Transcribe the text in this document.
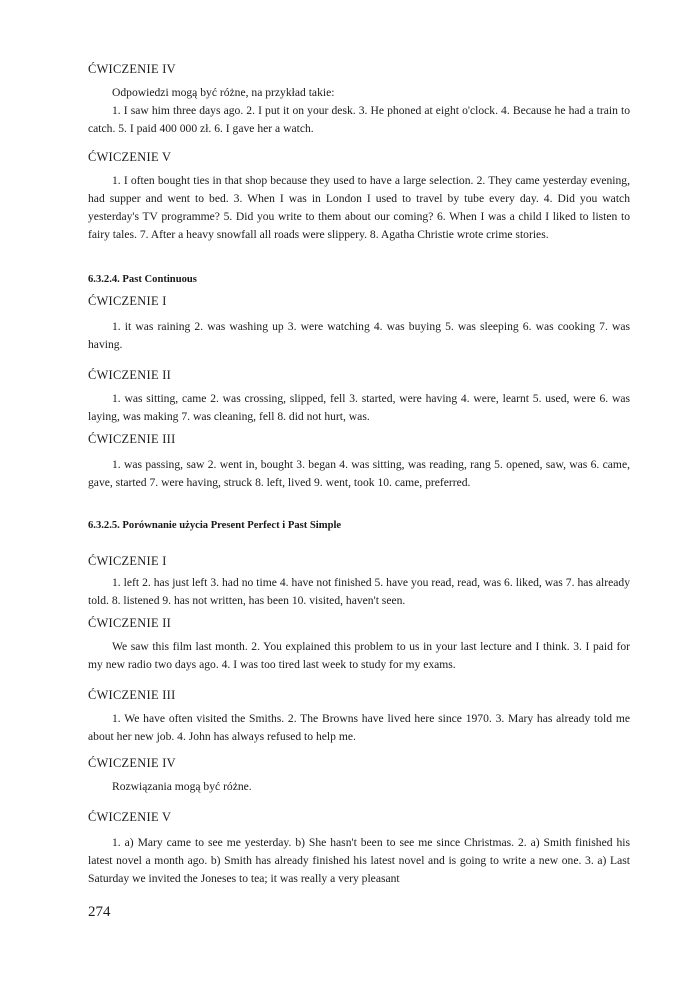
ĆWICZENIE IV

Odpowiedzi mogą być różne, na przykład takie:

1. I saw him three days ago. 2. I put it on your desk. 3. He phoned at eight o'clock. 4. Because he had a train to catch. 5. I paid 400 000 zł. 6. I gave her a watch.

ĆWICZENIE V

1. I often bought ties in that shop because they used to have a large selection. 2. They came yesterday evening, had supper and went to bed. 3. When I was in London I used to travel by tube every day. 4. Did you watch yesterday's TV programme? 5. Did you write to them about our coming? 6. When I was a child I liked to listen to fairy tales. 7. After a heavy snowfall all roads were slippery. 8. Agatha Christie wrote crime stories.

6.3.2.4. Past Continuous

ĆWICZENIE I

1. it was raining 2. was washing up 3. were watching 4. was buying 5. was sleeping 6. was cooking 7. was having.

ĆWICZENIE II

1. was sitting, came 2. was crossing, slipped, fell 3. started, were having 4. were, learnt 5. used, were 6. was laying, was making 7. was cleaning, fell 8. did not hurt, was.

ĆWICZENIE III

1. was passing, saw 2. went in, bought 3. began 4. was sitting, was reading, rang 5. opened, saw, was 6. came, gave, started 7. were having, struck 8. left, lived 9. went, took 10. came, preferred.

6.3.2.5. Porównanie użycia Present Perfect i Past Simple

ĆWICZENIE I

1. left 2. has just left 3. had no time 4. have not finished 5. have you read, read, was 6. liked, was 7. has already told. 8. listened 9. has not written, has been 10. visited, haven't seen.

ĆWICZENIE II

We saw this film last month. 2. You explained this problem to us in your last lecture and I think. 3. I paid for my new radio two days ago. 4. I was too tired last week to study for my exams.

ĆWICZENIE III

1. We have often visited the Smiths. 2. The Browns have lived here since 1970. 3. Mary has already told me about her new job. 4. John has always refused to help me.

ĆWICZENIE IV

Rozwiązania mogą być różne.

ĆWICZENIE V

1. a) Mary came to see me yesterday. b) She hasn't been to see me since Christmas. 2. a) Smith finished his latest novel a month ago. b) Smith has already finished his latest novel and is going to write a new one. 3. a) Last Saturday we invited the Joneses to tea; it was really a very pleasant

274
